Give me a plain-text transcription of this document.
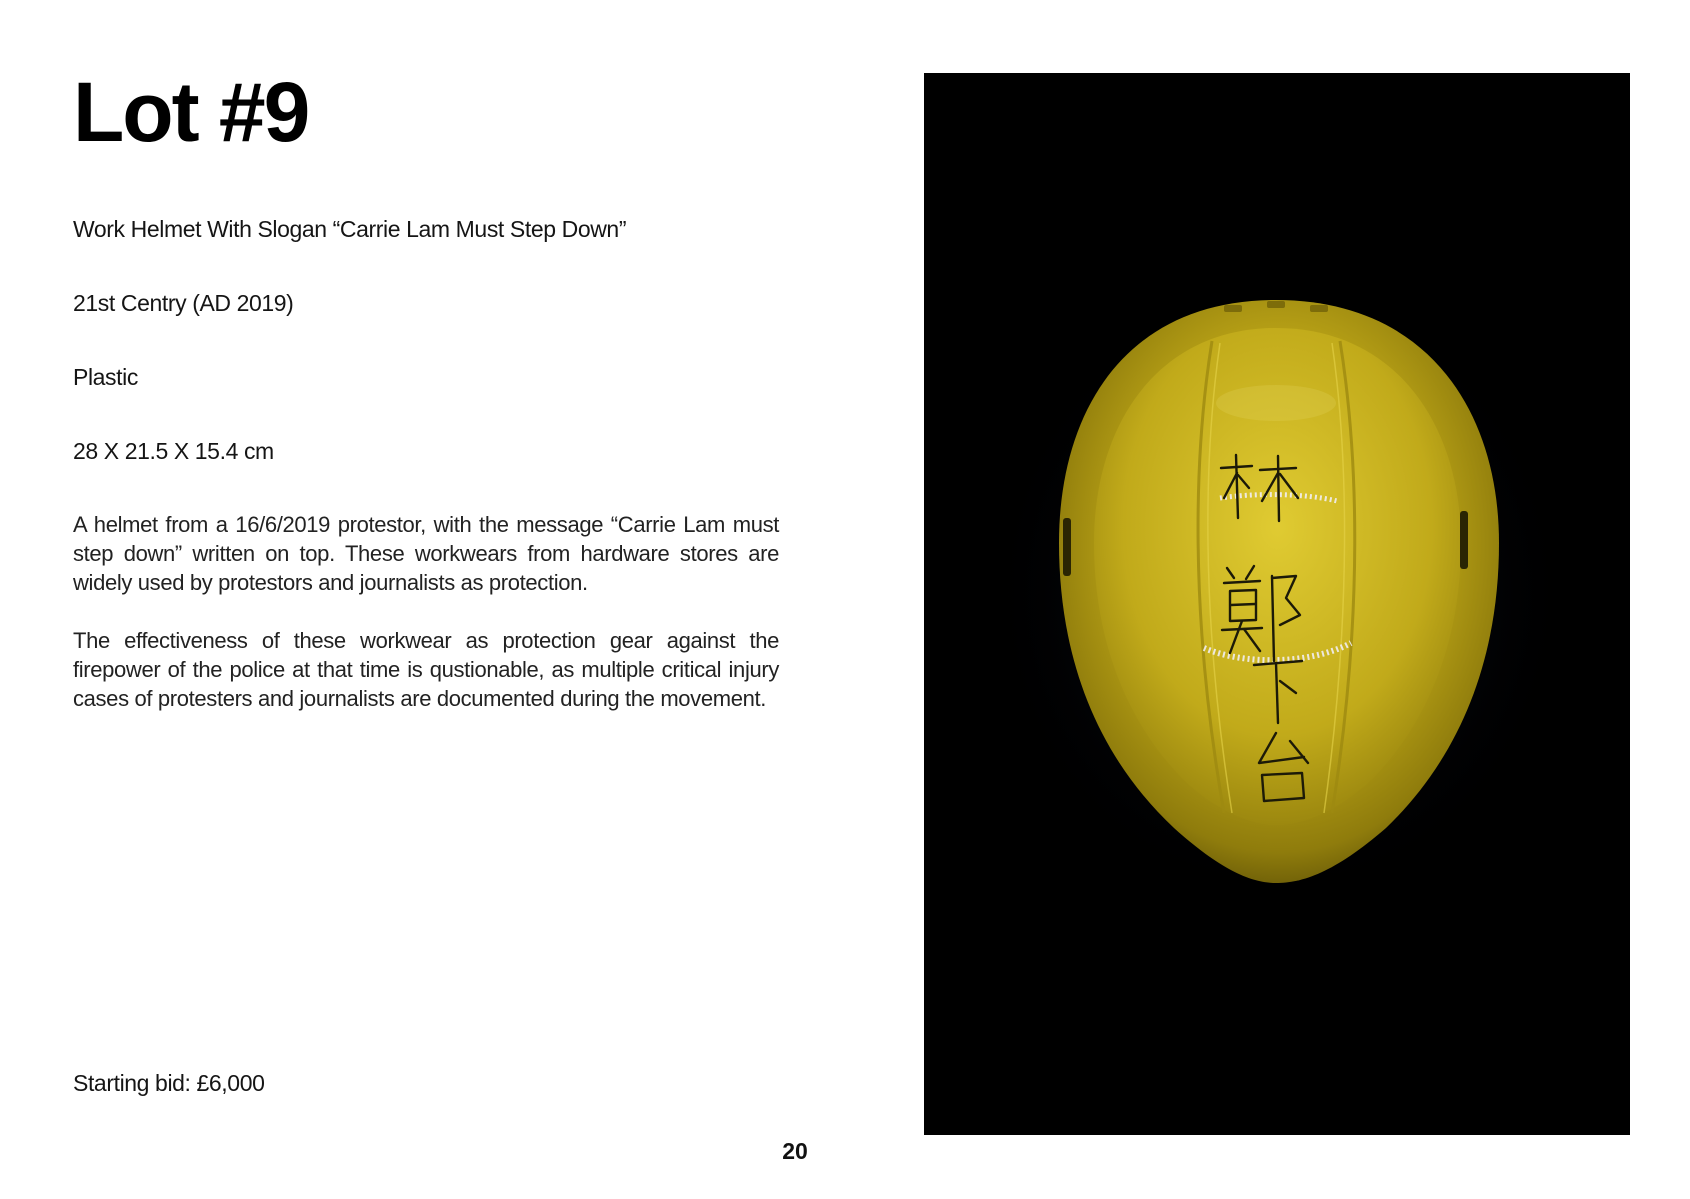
Lot #9

Work Helmet With Slogan “Carrie Lam Must Step Down”

21st Centry (AD 2019)

Plastic

28 X 21.5 X 15.4 cm

A helmet from a 16/6/2019 protestor, with the message “Carrie Lam must step down” written on top. These workwears from hardware stores are widely used by protestors and journalists as protection.

The effectiveness of these workwear as protection gear against the firepower of the police at that time is qustionable, as multiple critical injury cases of protesters and journalists are documented during the movement.

Starting bid: £6,000

20
